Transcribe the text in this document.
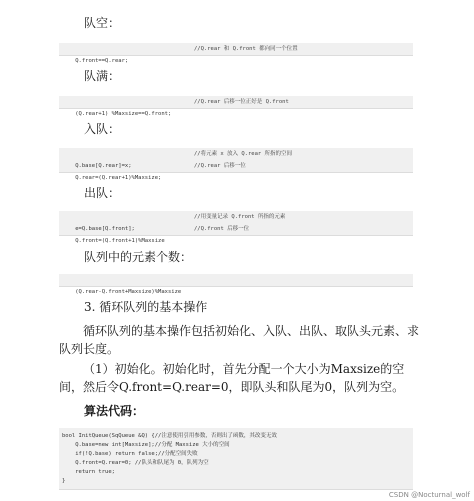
队空：

Q.front==Q.rear;
//Q.rear 和 Q.front 都向同一个位置

队满：

(Q.rear+1) %Maxsize==Q.front;
//Q.rear 后移一位正好是 Q.front

入队：

Q.base[Q.rear]=x;
//将元素 x 放入 Q.rear 所指的空间

Q.rear=(Q.rear+1)%Maxsize;
//Q.rear 后移一位

出队：

e=Q.base[Q.front];
//用变量记录 Q.front 所指的元素

Q.front=(Q.front+1)%Maxsize
//Q.front 后移一位

队列中的元素个数：

(Q.rear-Q.front+Maxsize)%Maxsize

3. 循环队列的基本操作
循环队列的基本操作包括初始化、入队、出队、取队头元素、求队列长度。
（1）初始化。初始化时，首先分配一个大小为Maxsize的空间，然后令Q.front=Q.rear=0，即队头和队尾为0，队列为空。
算法代码：
bool InitQueue(SqQueue &Q) {//注意使用引用参数，否则出了函数，其改变无效
Q.base=new int[Maxsize];//分配 Maxsize 大小的空间
if(!Q.base) return false;//分配空间失败
Q.front=Q.rear=0; //队头和队尾为 0，队列为空
return true;
}
CSDN @Nocturnal_wolf
